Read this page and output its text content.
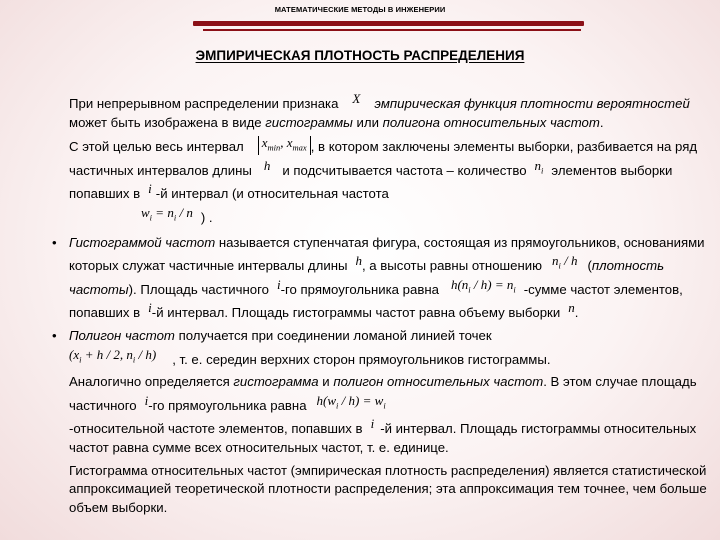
МАТЕМАТИЧЕСКИЕ МЕТОДЫ В ИНЖЕНЕРИИ
ЭМПИРИЧЕСКАЯ ПЛОТНОСТЬ РАСПРЕДЕЛЕНИЯ

При непрерывном распределении признака X эмпирическая функция плотности вероятностей может быть изображена в виде гистограммы или полигона относительных частот.

С этой целью весь интервал $x_{min}$, $x_{max}$ , в котором заключены элементы выборки, разбивается на ряд частичных интервалов длины h и подсчитывается частота – количество $n_i$ элементов выборки попавших в i -й интервал (и относительная частота
$w_i = n_i / n$ ) .

• Гистограммой частот называется ступенчатая фигура, состоящая из прямоугольников, основаниями которых служат частичные интервалы длины h, а высоты равны отношению $n_i$ / h (плотность частоты). Площадь частичного i-го прямоугольника равна $h(n_i / h) = n_i$ -сумме частот элементов, попавших в i-й интервал. Площадь гистограммы частот равна объему выборки n.

• Полигон частот получается при соединении ломаной линией точек
($x_i + h / 2$, $n_i / h$) , т. е. середин верхних сторон прямоугольников гистограммы.

Аналогично определяется гистограмма и полигон относительных частот. В этом случае площадь частичного i-го прямоугольника равна $h(w_i / h) = w_i$
-относительной частоте элементов, попавших в i -й интервал. Площадь гистограммы относительных частот равна сумме всех относительных частот, т. е. единице.

Гистограмма относительных частот (эмпирическая плотность распределения) является статистической аппроксимацией теоретической плотности распределения; эта аппроксимация тем точнее, чем больше объем выборки.
